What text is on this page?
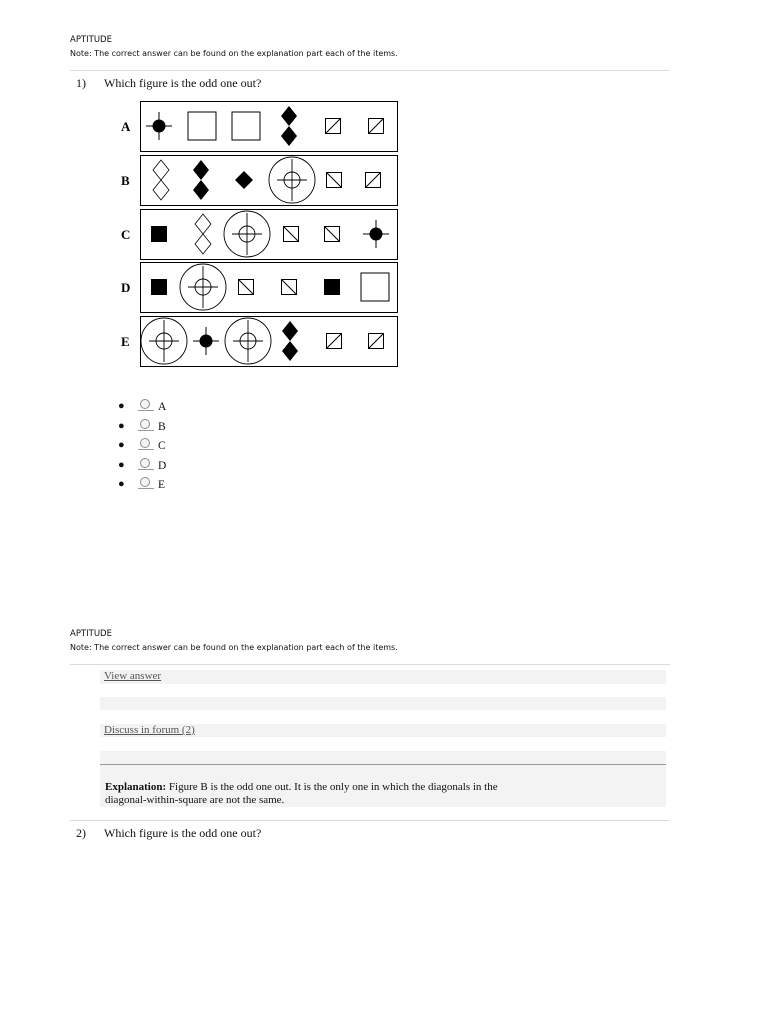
APTITUDE
Note: The correct answer can be found on the explanation part each of the items.
1) Which figure is the odd one out?
A
B
C
D
E
●	A
●	B
●	C
●	D
●	E
APTITUDE
Note: The correct answer can be found on the explanation part each of the items.
View answer
Discuss in forum (2)
Explanation: Figure B is the odd one out. It is the only one in which the diagonals in the diagonal-within-square are not the same.
2) Which figure is the odd one out?
